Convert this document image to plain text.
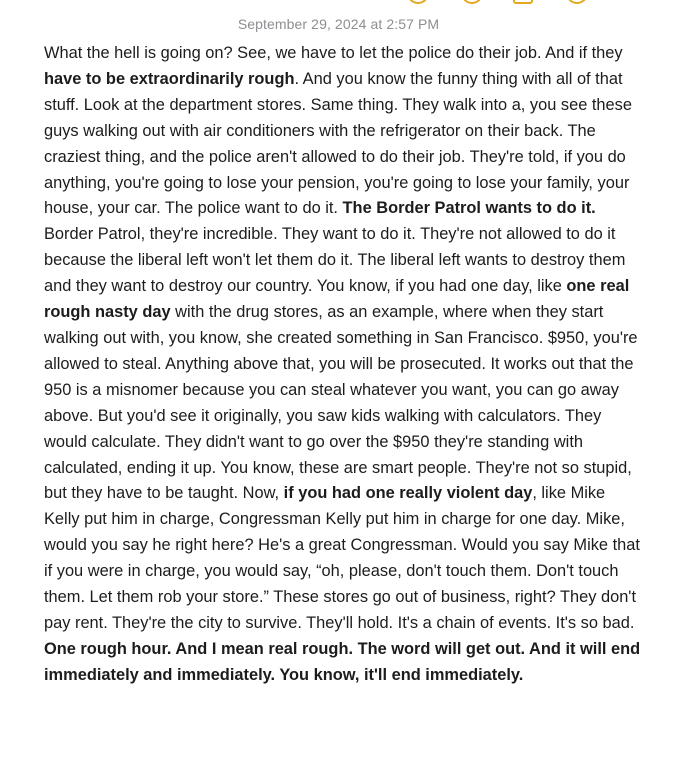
September 29, 2024 at 2:57 PM
What the hell is going on? See, we have to let the police do their job. And if they have to be extraordinarily rough. And you know the funny thing with all of that stuff. Look at the department stores. Same thing. They walk into a, you see these guys walking out with air conditioners with the refrigerator on their back. The craziest thing, and the police aren't allowed to do their job. They're told, if you do anything, you're going to lose your pension, you're going to lose your family, your house, your car. The police want to do it. The Border Patrol wants to do it. Border Patrol, they're incredible. They want to do it. They're not allowed to do it because the liberal left won't let them do it. The liberal left wants to destroy them and they want to destroy our country. You know, if you had one day, like one real rough nasty day with the drug stores, as an example, where when they start walking out with, you know, she created something in San Francisco. $950, you're allowed to steal. Anything above that, you will be prosecuted. It works out that the 950 is a misnomer because you can steal whatever you want, you can go away above. But you'd see it originally, you saw kids walking with calculators. They would calculate. They didn't want to go over the $950 they're standing with calculated, ending it up. You know, these are smart people. They're not so stupid, but they have to be taught. Now, if you had one really violent day, like Mike Kelly put him in charge, Congressman Kelly put him in charge for one day. Mike, would you say he right here? He's a great Congressman. Would you say Mike that if you were in charge, you would say, “oh, please, don't touch them. Don't touch them. Let them rob your store.” These stores go out of business, right? They don't pay rent. They're the city to survive. They'll hold. It's a chain of events. It's so bad. One rough hour. And I mean real rough. The word will get out. And it will end immediately and immediately. You know, it'll end immediately.
